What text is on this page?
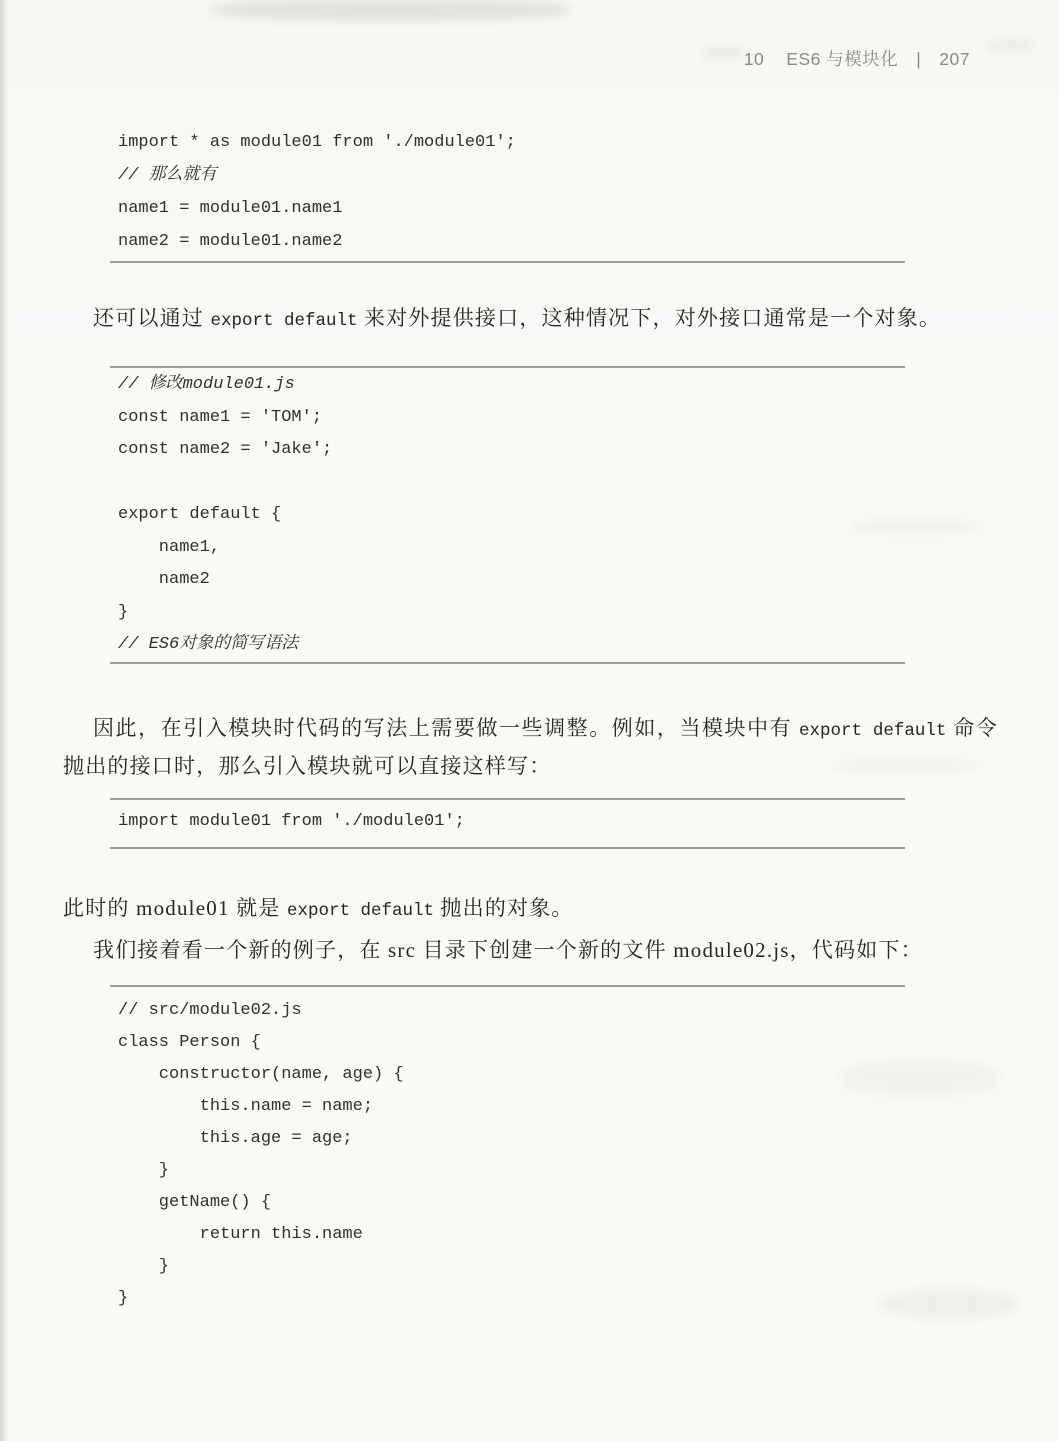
10 ES6 与模块化 | 207
import * as module01 from './module01';
// 那么就有
name1 = module01.name1
name2 = module01.name2
还可以通过 export default 来对外提供接口，这种情况下，对外接口通常是一个对象。
// 修改module01.js
const name1 = 'TOM';
const name2 = 'Jake';
export default {
name1,
name2
}
// ES6对象的简写语法
因此，在引入模块时代码的写法上需要做一些调整。例如，当模块中有 export default 命令抛出的接口时，那么引入模块就可以直接这样写：
import module01 from './module01';
此时的 module01 就是 export default 抛出的对象。
我们接着看一个新的例子，在 src 目录下创建一个新的文件 module02.js，代码如下：
// src/module02.js
class Person {
constructor(name, age) {
this.name = name;
this.age = age;
}
getName() {
return this.name
}
}
